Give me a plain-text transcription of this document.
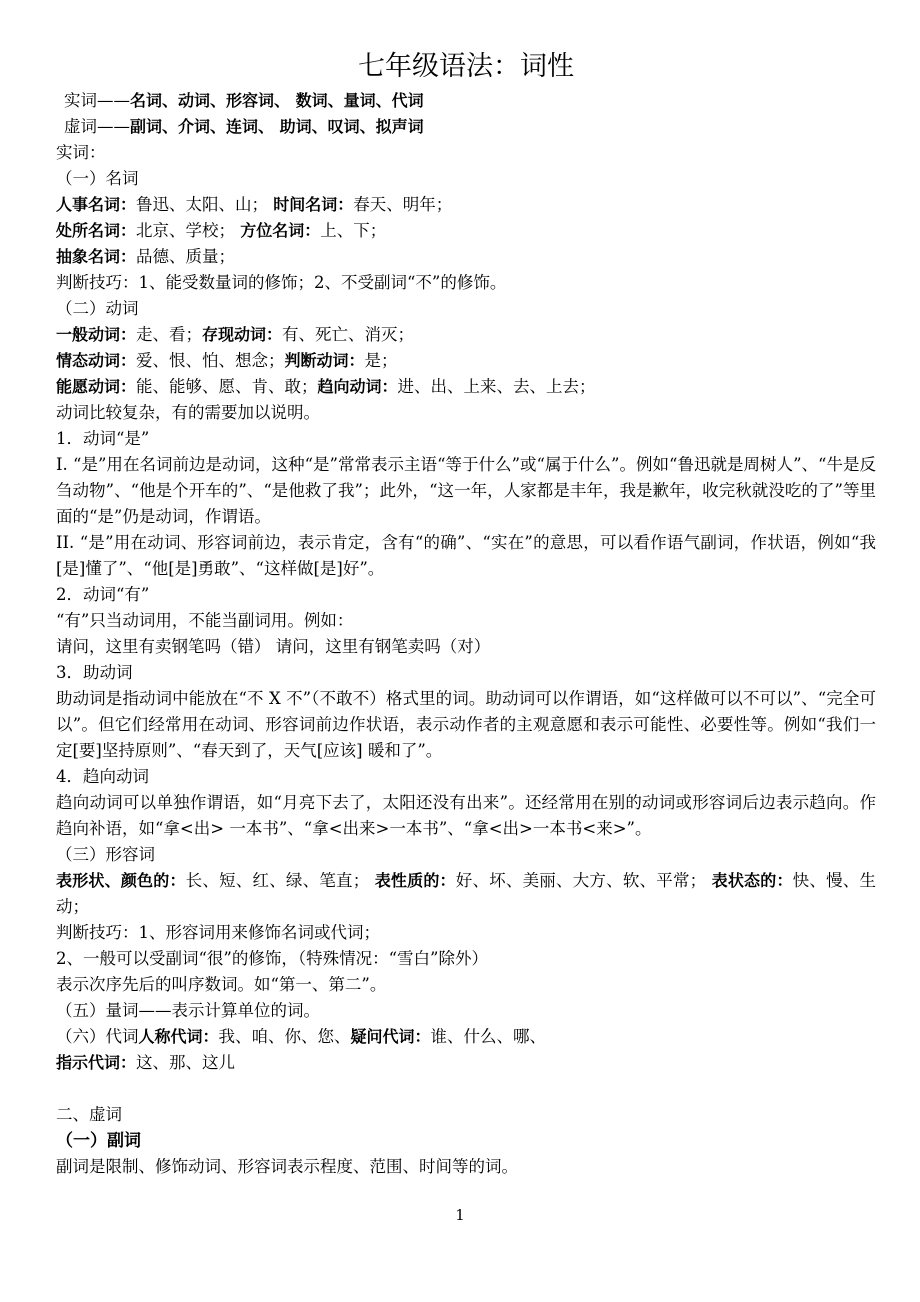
七年级语法：词性
实词——名词、动词、形容词、 数词、量词、代词
虚词——副词、介词、连词、 助词、叹词、拟声词
实词：
（一）名词
人事名词：鲁迅、太阳、山； 时间名词：春天、明年；
处所名词：北京、学校； 方位名词：上、下；
抽象名词：品德、质量；
判断技巧：1、能受数量词的修饰；2、不受副词“不”的修饰。
（二）动词
一般动词：走、看；存现动词：有、死亡、消灭；
情态动词：爱、恨、怕、想念；判断动词：是；
能愿动词：能、能够、愿、肯、敢；趋向动词：进、出、上来、去、上去；
动词比较复杂，有的需要加以说明。
1．动词“是”
I. “是”用在名词前边是动词，这种“是”常常表示主语“等于什么”或“属于什么”。例如“鲁迅就是周树人”、“牛是反刍动物”、“他是个开车的”、“是他救了我”；此外，“这一年，人家都是丰年，我是歉年，收完秋就没吃的了”等里面的“是”仍是动词，作谓语。
II. “是”用在动词、形容词前边，表示肯定，含有“的确”、“实在”的意思，可以看作语气副词，作状语，例如“我[是]懂了”、“他[是]勇敢”、“这样做[是]好”。
2．动词“有”
“有”只当动词用，不能当副词用。例如：
请问，这里有卖钢笔吗（错） 请问，这里有钢笔卖吗（对）
3．助动词
助动词是指动词中能放在“不 X 不”（不敢不）格式里的词。助动词可以作谓语，如“这样做可以不可以”、“完全可以”。但它们经常用在动词、形容词前边作状语，表示动作者的主观意愿和表示可能性、必要性等。例如“我们一定[要]坚持原则”、“春天到了，天气[应该] 暖和了”。
4．趋向动词
趋向动词可以单独作谓语，如“月亮下去了，太阳还没有出来”。还经常用在别的动词或形容词后边表示趋向。作趋向补语，如“拿<出> 一本书”、“拿<出来>一本书”、“拿<出>一本书<来>”。
（三）形容词
表形状、颜色的：长、短、红、绿、笔直； 表性质的：好、坏、美丽、大方、软、平常； 表状态的：快、慢、生动；
判断技巧：1、形容词用来修饰名词或代词；
2、一般可以受副词“很”的修饰，（特殊情况：“雪白”除外）
表示次序先后的叫序数词。如“第一、第二”。
（五）量词——表示计算单位的词。
（六）代词人称代词：我、咱、你、您、疑问代词：谁、什么、哪、
指示代词：这、那、这儿
二、虚词
（一）副词
副词是限制、修饰动词、形容词表示程度、范围、时间等的词。
1
